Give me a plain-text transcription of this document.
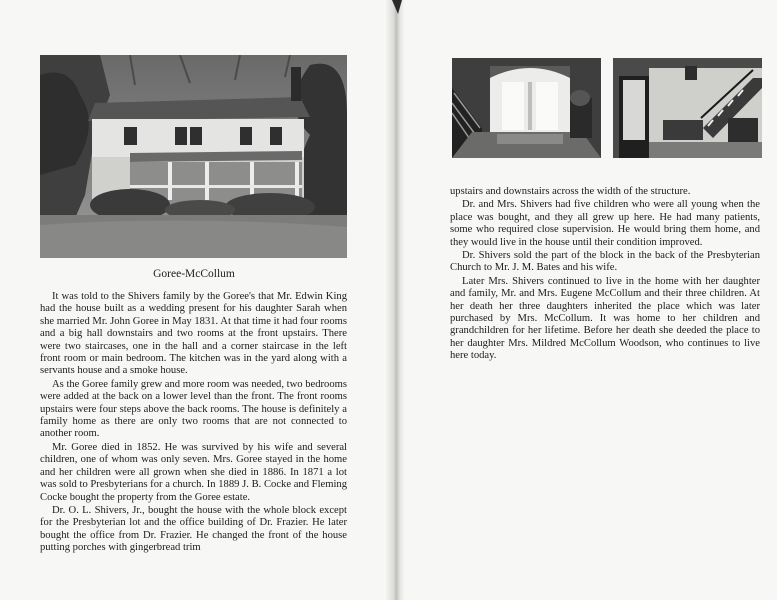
Goree-McCollum

It was told to the Shivers family by the Goree's that Mr. Edwin King had the house built as a wedding present for his daughter Sarah when she married Mr. John Goree in May 1831. At that time it had four rooms and a big hall downstairs and two rooms at the front upstairs. There were two staircases, one in the hall and a corner staircase in the left front room or main bedroom. The kitchen was in the yard along with a servants house and a smoke house.

As the Goree family grew and more room was needed, two bedrooms were added at the back on a lower level than the front. The front rooms upstairs were four steps above the back rooms. The house is definitely a family home as there are only two rooms that are not connected to another room.

Mr. Goree died in 1852. He was survived by his wife and several children, one of whom was only seven. Mrs. Goree stayed in the home and her children were all grown when she died in 1886. In 1871 a lot was sold to Presbyterians for a church. In 1889 J. B. Cocke and Fleming Cocke bought the property from the Goree estate.

Dr. O. L. Shivers, Jr., bought the house with the whole block except for the Presbyterian lot and the office building of Dr. Frazier. He later bought the office from Dr. Frazier. He changed the front of the house putting porches with gingerbread trim

upstairs and downstairs across the width of the structure.

Dr. and Mrs. Shivers had five children who were all young when the place was bought, and they all grew up here. He had many patients, some who required close supervision. He would bring them home, and they would live in the house until their condition improved.

Dr. Shivers sold the part of the block in the back of the Presbyterian Church to Mr. J. M. Bates and his wife.

Later Mrs. Shivers continued to live in the home with her daughter and family, Mr. and Mrs. Eugene McCollum and their three children. At her death her three daughters inherited the place which was later purchased by Mrs. McCollum. It was home to her children and grandchildren for her lifetime. Before her death she deeded the place to her daughter Mrs. Mildred McCollum Woodson, who continues to live here today.
